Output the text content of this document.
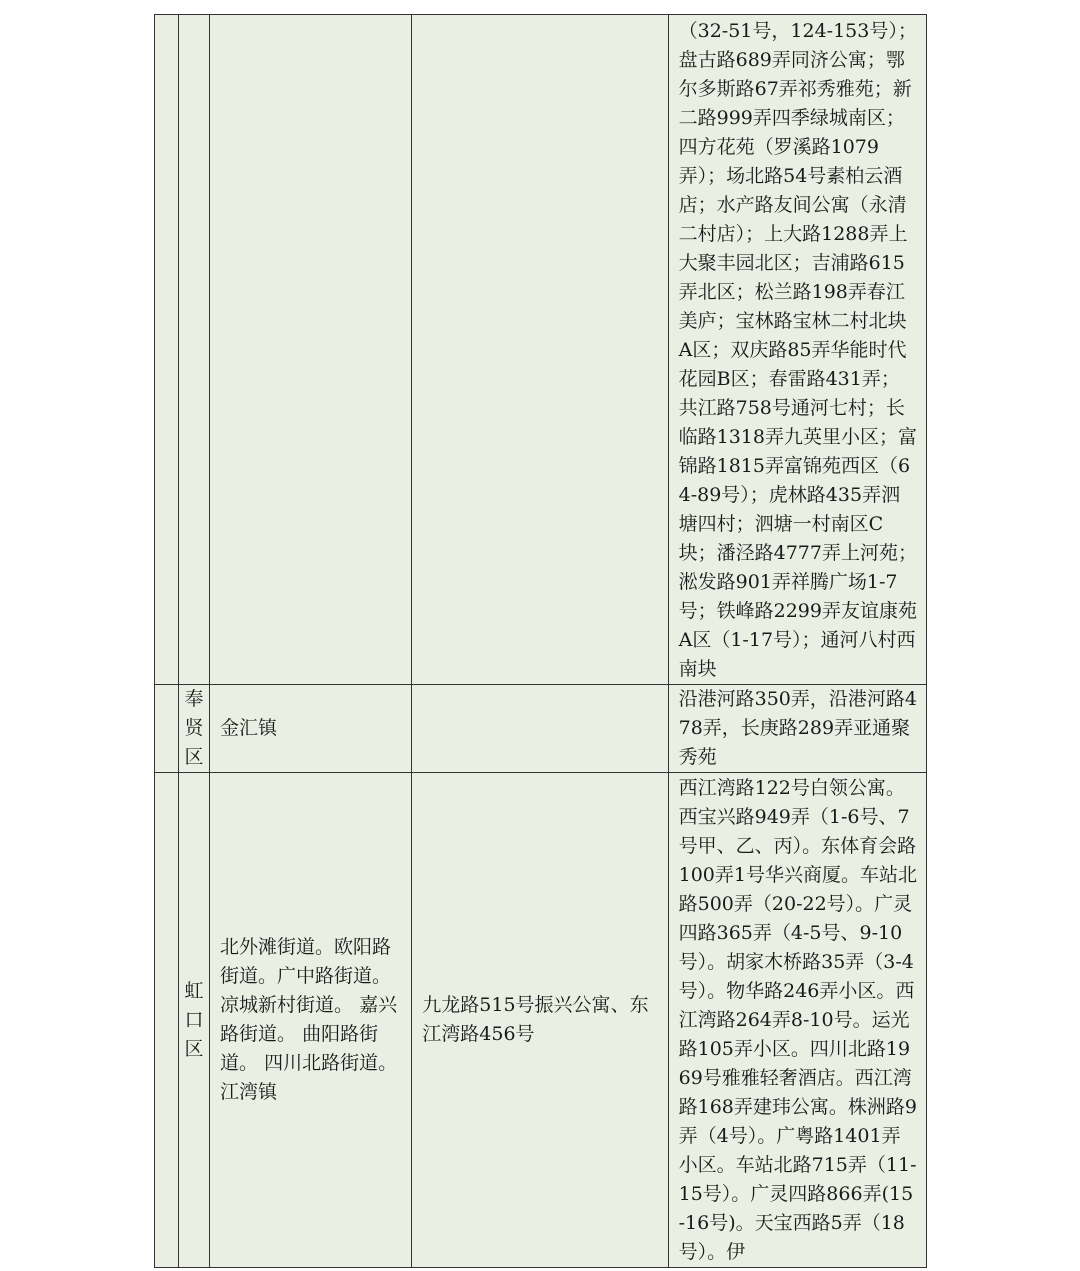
				（32-51号，124-153号）；盘古路689弄同济公寓；鄂尔多斯路67弄祁秀雅苑；新二路999弄四季绿城南区；四方花苑（罗溪路1079弄）；场北路54号素柏云酒店；水产路友间公寓（永清二村店）；上大路1288弄上大聚丰园北区；吉浦路615弄北区；松兰路198弄春江美庐；宝林路宝林二村北块A区；双庆路85弄华能时代花园B区；春雷路431弄；共江路758号通河七村；长临路1318弄九英里小区；富锦路1815弄富锦苑西区（64-89号）；虎林路435弄泗塘四村；泗塘一村南区C块；潘泾路4777弄上河苑；淞发路901弄祥腾广场1-7号；铁峰路2299弄友谊康苑A区（1-17号）；通河八村西南块
	奉贤区	金汇镇		沿港河路350弄，沿港河路478弄，长庚路289弄亚通聚秀苑
	虹口区	北外滩街道。欧阳路街道。广中路街道。凉城新村街道。 嘉兴路街道。 曲阳路街道。 四川北路街道。江湾镇	九龙路515号振兴公寓、东江湾路456号	西江湾路122号白领公寓。西宝兴路949弄（1-6号、7号甲、乙、丙）。东体育会路100弄1号华兴商厦。车站北路500弄（20-22号）。广灵四路365弄（4-5号、9-10号）。胡家木桥路35弄（3-4号）。物华路246弄小区。西江湾路264弄8-10号。运光路105弄小区。四川北路1969号雅雅轻奢酒店。西江湾路168弄建玮公寓。株洲路9弄（4号）。广粤路1401弄小区。车站北路715弄（11-15号）。广灵四路866弄(15-16号)。天宝西路5弄（18号）。伊
